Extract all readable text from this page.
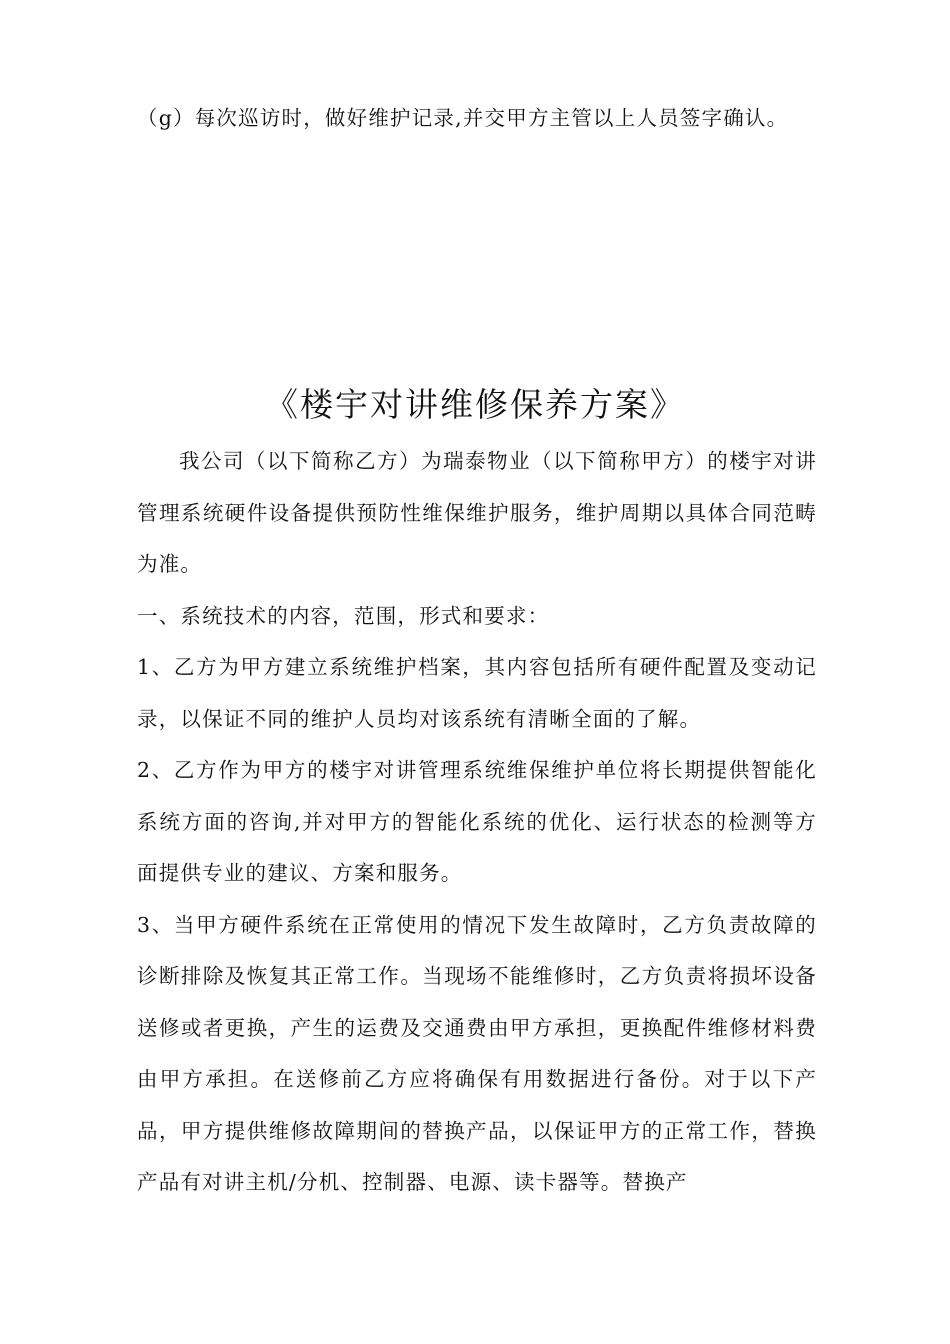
（g）每次巡访时，做好维护记录,并交甲方主管以上人员签字确认。
《楼宇对讲维修保养方案》

我公司（以下简称乙方）为瑞泰物业（以下简称甲方）的楼宇对讲管理系统硬件设备提供预防性维保维护服务，维护周期以具体合同范畴为准。

一、系统技术的内容，范围，形式和要求：

1、乙方为甲方建立系统维护档案，其内容包括所有硬件配置及变动记录，以保证不同的维护人员均对该系统有清晰全面的了解。

2、乙方作为甲方的楼宇对讲管理系统维保维护单位将长期提供智能化系统方面的咨询,并对甲方的智能化系统的优化、运行状态的检测等方面提供专业的建议、方案和服务。

3、当甲方硬件系统在正常使用的情况下发生故障时，乙方负责故障的诊断排除及恢复其正常工作。当现场不能维修时，乙方负责将损坏设备送修或者更换，产生的运费及交通费由甲方承担，更换配件维修材料费由甲方承担。在送修前乙方应将确保有用数据进行备份。对于以下产品，甲方提供维修故障期间的替换产品，以保证甲方的正常工作，替换产品有对讲主机/分机、控制器、电源、读卡器等。替换产
